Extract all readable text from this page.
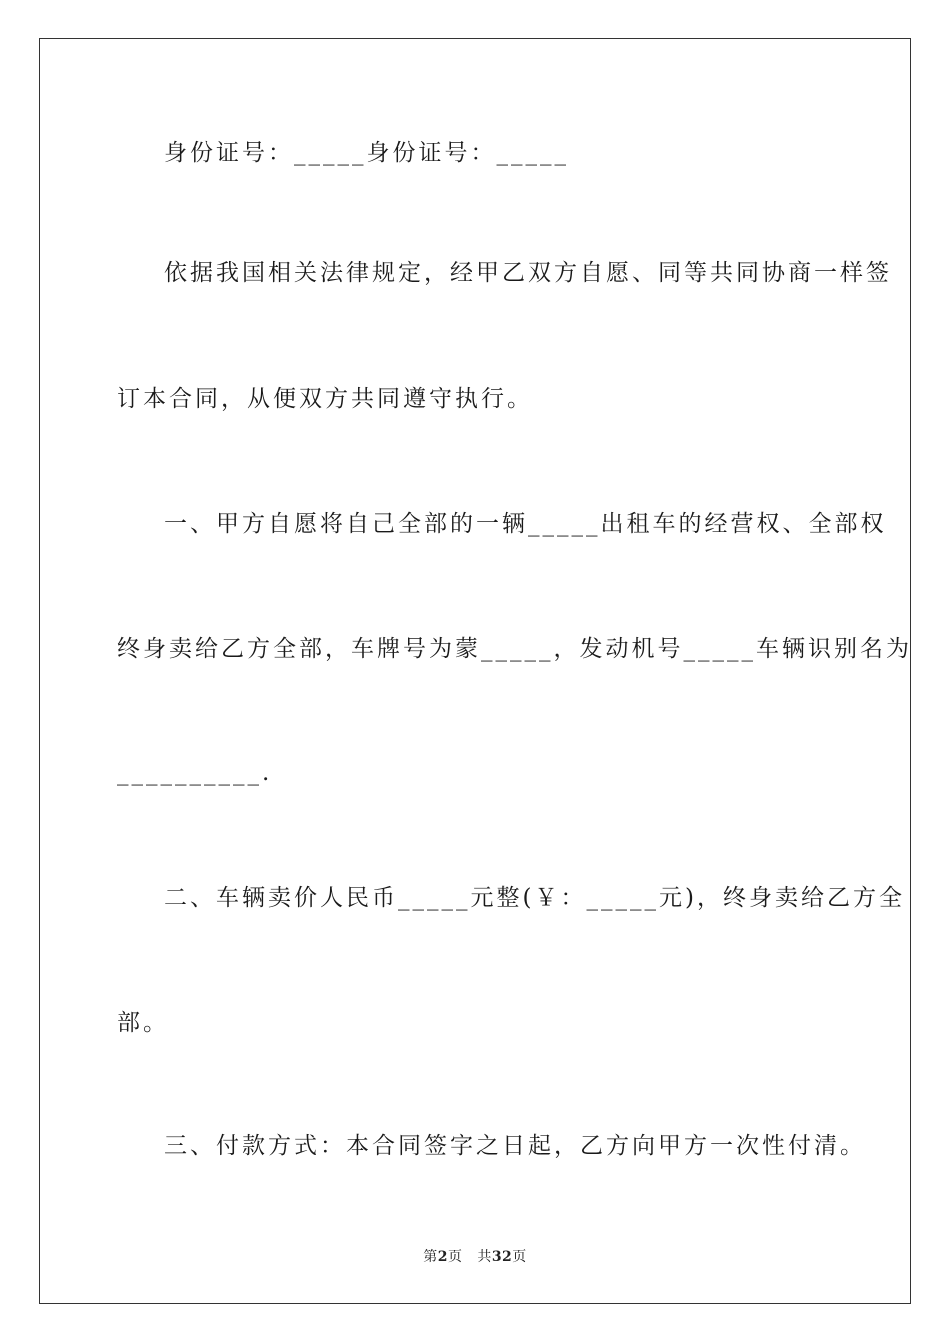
身份证号：_____身份证号：_____
依据我国相关法律规定，经甲乙双方自愿、同等共同协商一样签
订本合同，从便双方共同遵守执行。
一、甲方自愿将自己全部的一辆_____出租车的经营权、全部权
终身卖给乙方全部，车牌号为蒙_____，发动机号_____车辆识别名为
__________.
二、车辆卖价人民币_____元整(￥：_____元)，终身卖给乙方全
部。
三、付款方式：本合同签字之日起，乙方向甲方一次性付清。
第2页 共32页
